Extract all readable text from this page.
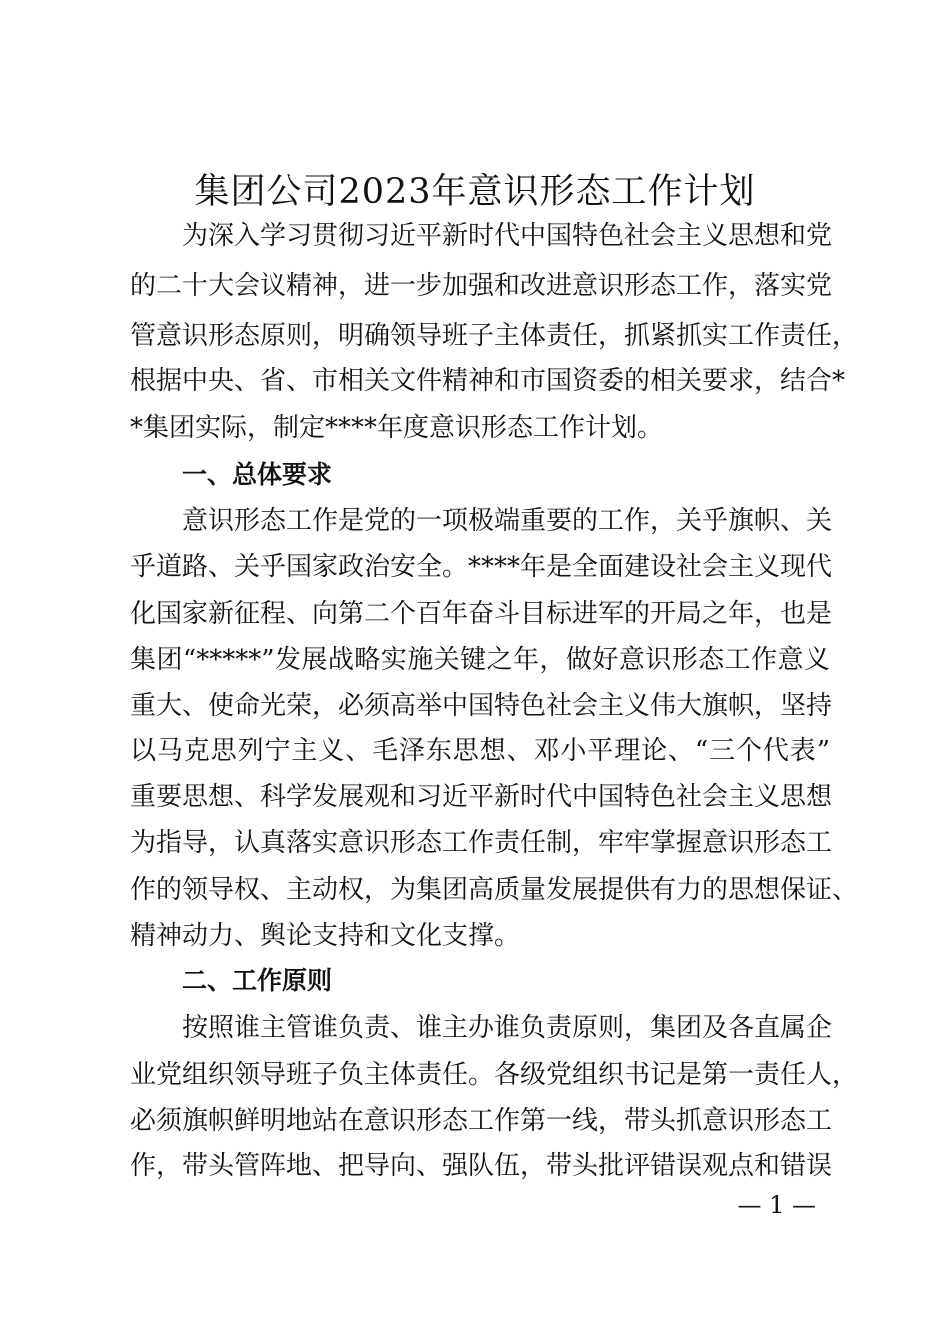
集团公司2023年意识形态工作计划
为深入学习贯彻习近平新时代中国特色社会主义思想和党
的二十大会议精神，进一步加强和改进意识形态工作，落实党
管意识形态原则，明确领导班子主体责任，抓紧抓实工作责任，
根据中央、省、市相关文件精神和市国资委的相关要求，结合*
*集团实际，制定****年度意识形态工作计划。
一、总体要求
意识形态工作是党的一项极端重要的工作，关乎旗帜、关
乎道路、关乎国家政治安全。****年是全面建设社会主义现代
化国家新征程、向第二个百年奋斗目标进军的开局之年，也是
集团“*****”发展战略实施关键之年，做好意识形态工作意义
重大、使命光荣，必须高举中国特色社会主义伟大旗帜，坚持
以马克思列宁主义、毛泽东思想、邓小平理论、“三个代表”
重要思想、科学发展观和习近平新时代中国特色社会主义思想
为指导，认真落实意识形态工作责任制，牢牢掌握意识形态工
作的领导权、主动权，为集团高质量发展提供有力的思想保证、
精神动力、舆论支持和文化支撑。
二、工作原则
按照谁主管谁负责、谁主办谁负责原则，集团及各直属企
业党组织领导班子负主体责任。各级党组织书记是第一责任人，
必须旗帜鲜明地站在意识形态工作第一线，带头抓意识形态工
作，带头管阵地、把导向、强队伍，带头批评错误观点和错误
— 1 —
